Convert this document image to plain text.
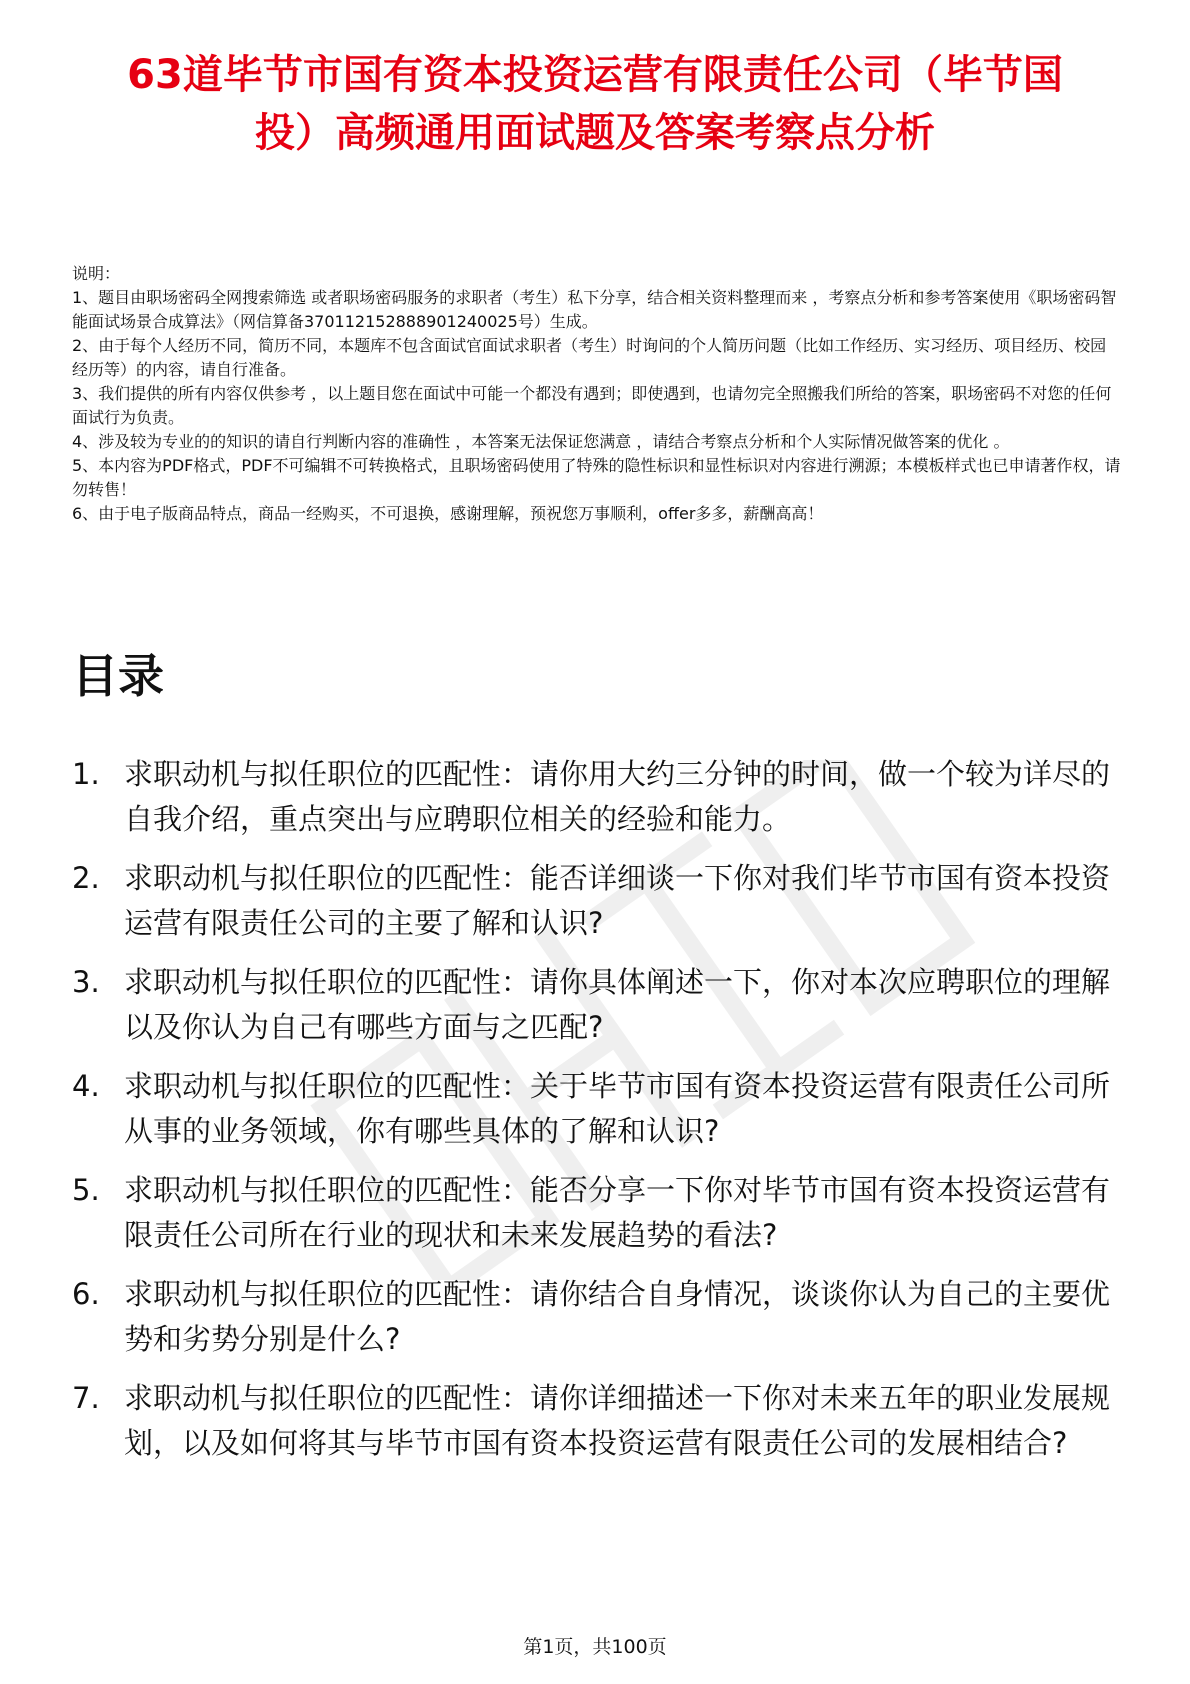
63道毕节市国有资本投资运营有限责任公司（毕节国投）高频通用面试题及答案考察点分析

说明：

1、题目由职场密码全网搜索筛选 或者职场密码服务的求职者（考生）私下分享，结合相关资料整理而来 ，考察点分析和参考答案使用《职场密码智能面试场景合成算法》（网信算备370112152888901240025号）生成。

2、由于每个人经历不同，简历不同，本题库不包含面试官面试求职者（考生）时询问的个人简历问题（比如工作经历、实习经历、项目经历、校园经历等）的内容，请自行准备。

3、我们提供的所有内容仅供参考 ，以上题目您在面试中可能一个都没有遇到；即使遇到，也请勿完全照搬我们所给的答案，职场密码不对您的任何面试行为负责。

4、涉及较为专业的的知识的请自行判断内容的准确性 ，本答案无法保证您满意 ，请结合考察点分析和个人实际情况做答案的优化 。

5、本内容为PDF格式，PDF不可编辑不可转换格式，且职场密码使用了特殊的隐性标识和显性标识对内容进行溯源；本模板样式也已申请著作权，请勿转售！

6、由于电子版商品特点，商品一经购买，不可退换，感谢理解，预祝您万事顺利，offer多多，薪酬高高！

目录
1. 求职动机与拟任职位的匹配性：请你用大约三分钟的时间，做一个较为详尽的自我介绍，重点突出与应聘职位相关的经验和能力。
2. 求职动机与拟任职位的匹配性：能否详细谈一下你对我们毕节市国有资本投资运营有限责任公司的主要了解和认识?
3. 求职动机与拟任职位的匹配性：请你具体阐述一下，你对本次应聘职位的理解以及你认为自己有哪些方面与之匹配?
4. 求职动机与拟任职位的匹配性：关于毕节市国有资本投资运营有限责任公司所从事的业务领域，你有哪些具体的了解和认识?
5. 求职动机与拟任职位的匹配性：能否分享一下你对毕节市国有资本投资运营有限责任公司所在行业的现状和未来发展趋势的看法?
6. 求职动机与拟任职位的匹配性：请你结合自身情况，谈谈你认为自己的主要优势和劣势分别是什么?
7. 求职动机与拟任职位的匹配性：请你详细描述一下你对未来五年的职业发展规划，以及如何将其与毕节市国有资本投资运营有限责任公司的发展相结合?
第1页，共100页
